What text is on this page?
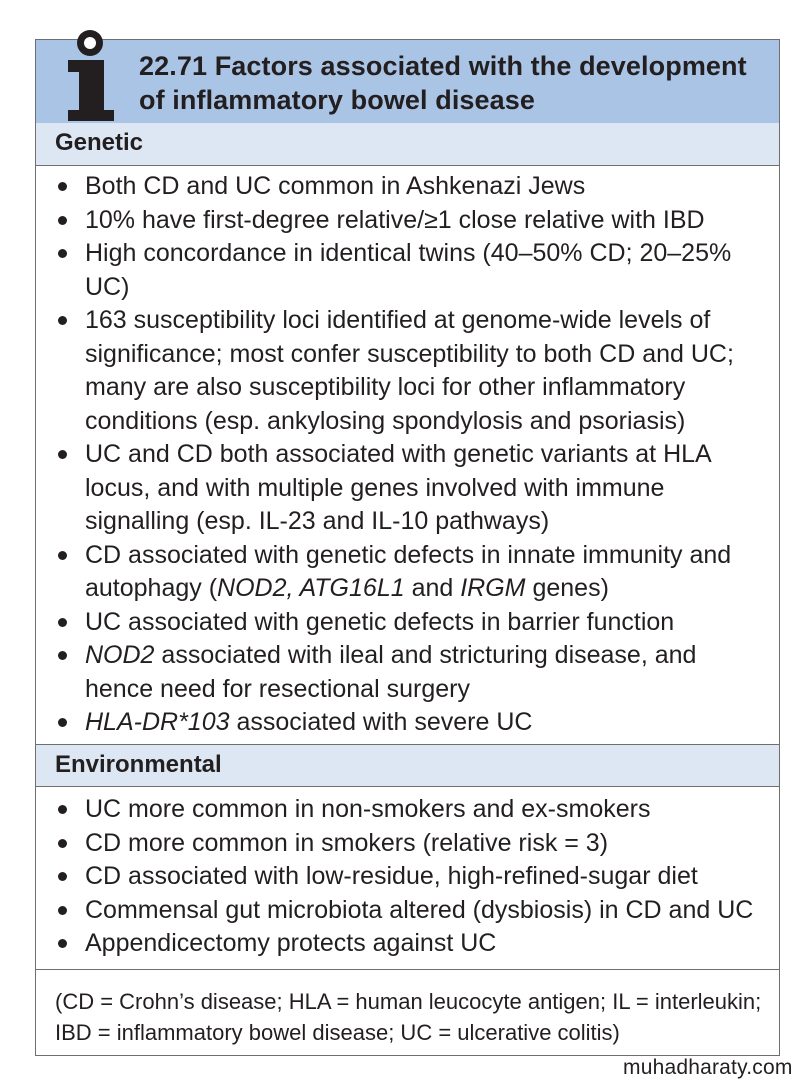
22.71 Factors associated with the development of inflammatory bowel disease
Genetic
Both CD and UC common in Ashkenazi Jews
10% have first-degree relative/≥1 close relative with IBD
High concordance in identical twins (40–50% CD; 20–25% UC)
163 susceptibility loci identified at genome-wide levels of significance; most confer susceptibility to both CD and UC; many are also susceptibility loci for other inflammatory conditions (esp. ankylosing spondylosis and psoriasis)
UC and CD both associated with genetic variants at HLA locus, and with multiple genes involved with immune signalling (esp. IL-23 and IL-10 pathways)
CD associated with genetic defects in innate immunity and autophagy (NOD2, ATG16L1 and IRGM genes)
UC associated with genetic defects in barrier function
NOD2 associated with ileal and stricturing disease, and hence need for resectional surgery
HLA-DR*103 associated with severe UC
Environmental
UC more common in non-smokers and ex-smokers
CD more common in smokers (relative risk = 3)
CD associated with low-residue, high-refined-sugar diet
Commensal gut microbiota altered (dysbiosis) in CD and UC
Appendicectomy protects against UC
(CD = Crohn’s disease; HLA = human leucocyte antigen; IL = interleukin; IBD = inflammatory bowel disease; UC = ulcerative colitis)
muhadharaty.com
